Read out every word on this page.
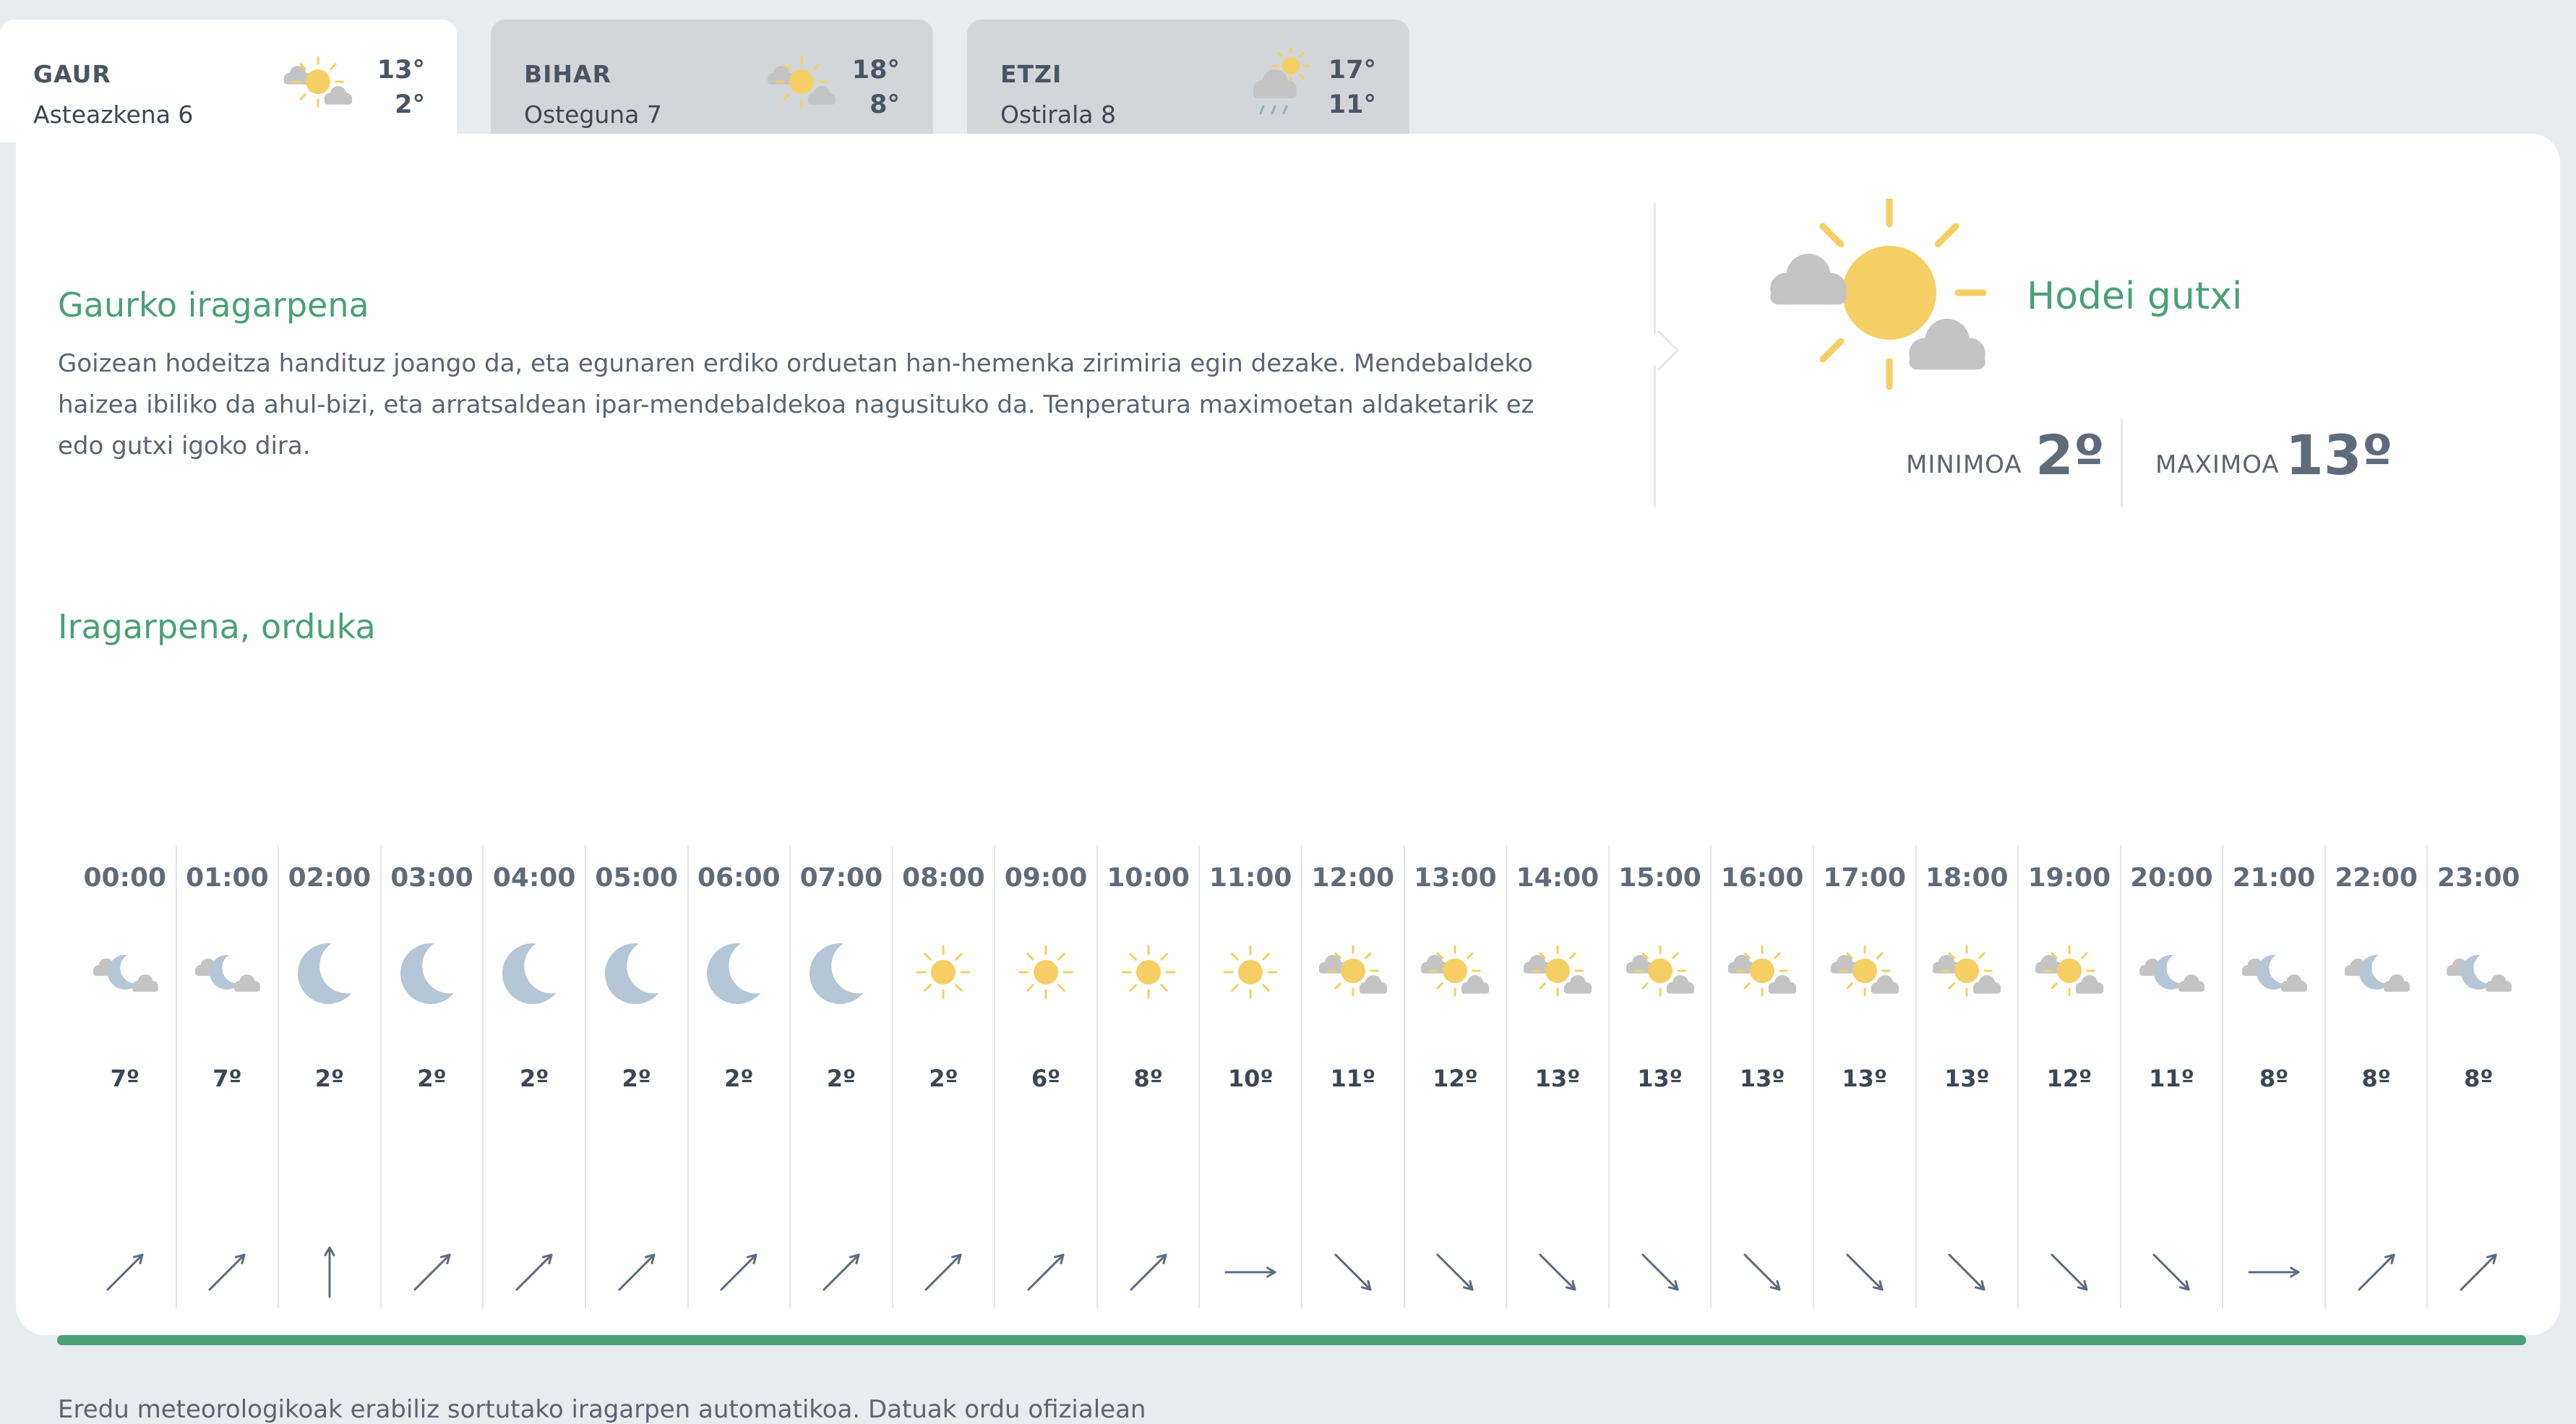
GAUR
Asteazkena 6
13°
2°
BIHAR
Osteguna 7
18°
8°
ETZI
Ostirala 8
17°
11°
Gaurko iragarpena
Goizean hodeitza handituz joango da, eta egunaren erdiko orduetan han-hemenka zirimiria egin dezake. Mendebaldeko haizea ibiliko da ahul-bizi, eta arratsaldean ipar-mendebaldekoa nagusituko da. Tenperatura maximoetan aldaketarik ez edo gutxi igoko dira.
Hodei gutxi
MINIMOA 2º MAXIMOA 13º
Iragarpena, orduka
00:00
7º
01:00
7º
02:00
2º
03:00
2º
04:00
2º
05:00
2º
06:00
2º
07:00
2º
08:00
2º
09:00
6º
10:00
8º
11:00
10º
12:00
11º
13:00
12º
14:00
13º
15:00
13º
16:00
13º
17:00
13º
18:00
13º
19:00
12º
20:00
11º
21:00
8º
22:00
8º
23:00
8º
Eredu meteorologikoak erabiliz sortutako iragarpen automatikoa. Datuak ordu ofizialean
